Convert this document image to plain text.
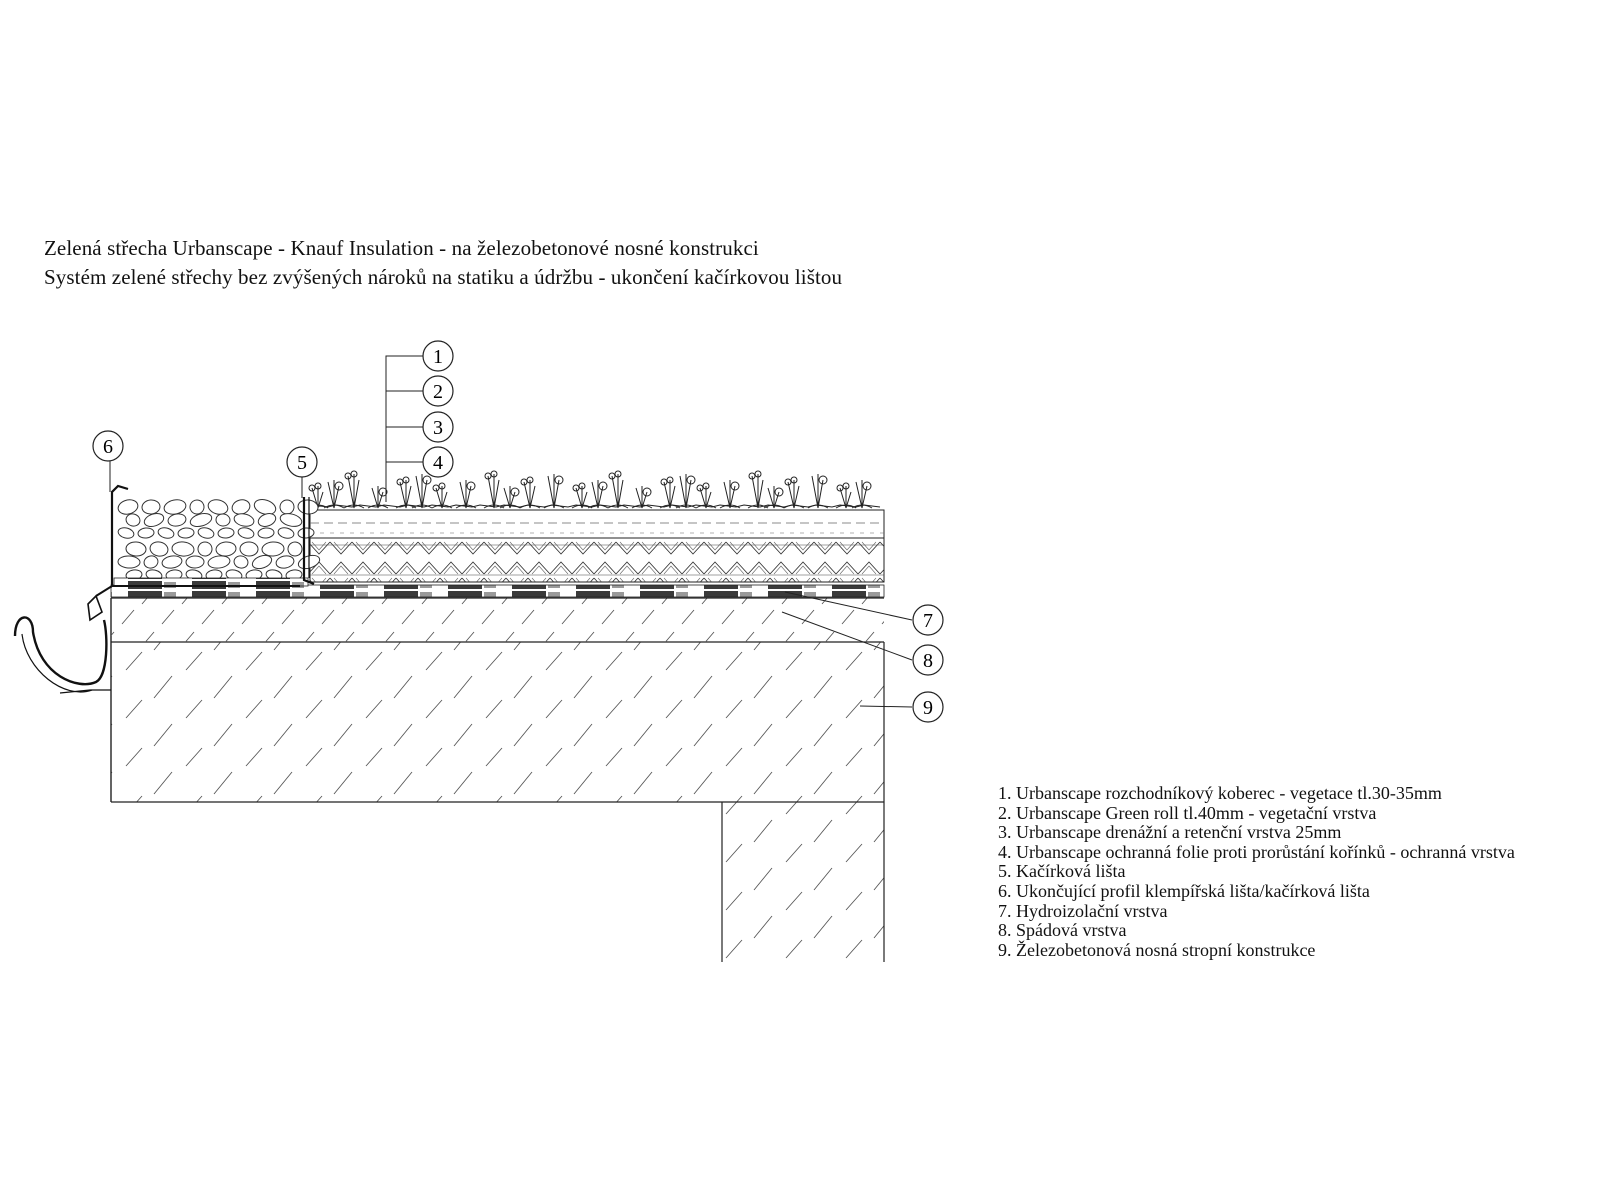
Zelená střecha Urbanscape - Knauf Insulation - na železobetonové nosné konstrukci
Systém zelené střechy bez zvýšených nároků na statiku a údržbu - ukončení kačírkovou lištou
1
2
3
4
5
6
7
8
9
1. Urbanscape rozchodníkový koberec - vegetace tl.30-35mm
2. Urbanscape Green roll tl.40mm - vegetační vrstva
3. Urbanscape drenážní a retenční vrstva 25mm
4. Urbanscape ochranná folie proti prorůstání kořínků - ochranná vrstva
5. Kačírková lišta
6. Ukončující profil klempířská lišta/kačírková lišta
7. Hydroizolační vrstva
8. Spádová vrstva
9. Železobetonová nosná stropní konstrukce
